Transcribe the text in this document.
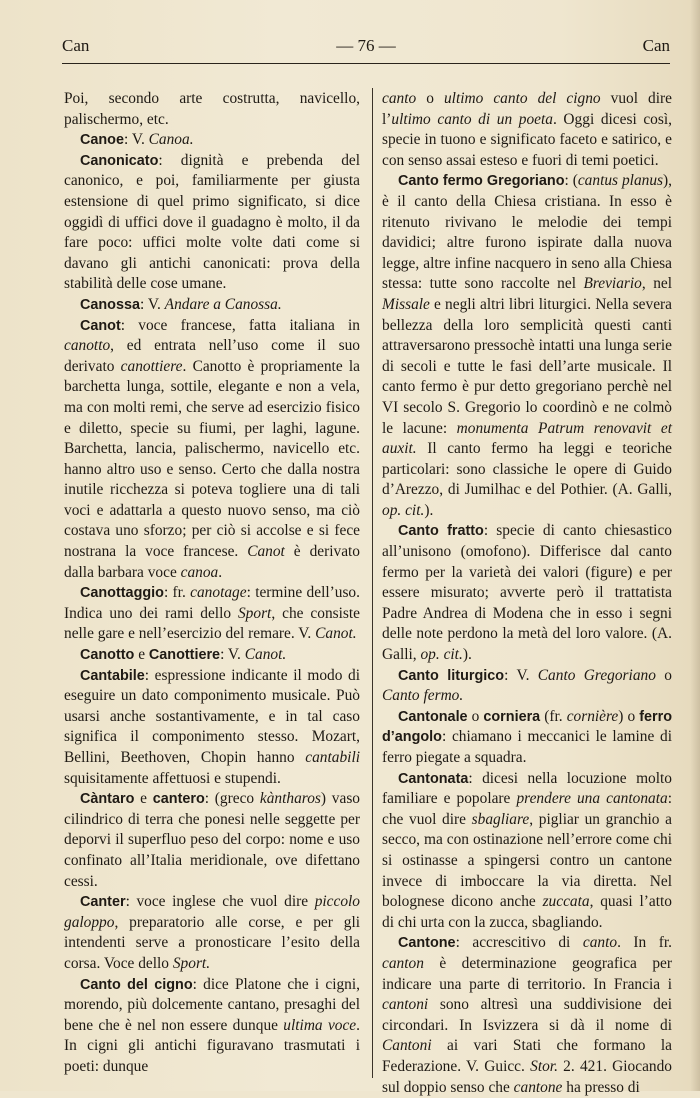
Can	— 76 —	Can

Poi, secondo arte costrutta, navicello, palischermo, etc.

Canoe: V. Canoa.

Canonicato: dignità e prebenda del canonico, e poi, familiarmente per giusta estensione di quel primo significato, si dice oggidì di uffici dove il guadagno è molto, il da fare poco: uffici molte volte dati come si davano gli antichi canonicati: prova della stabilità delle cose umane.

Canossa: V. Andare a Canossa.

Canot: voce francese, fatta italiana in canotto, ed entrata nell’uso come il suo derivato canottiere. Canotto è propriamente la barchetta lunga, sottile, elegante e non a vela, ma con molti remi, che serve ad esercizio fisico e diletto, specie su fiumi, per laghi, lagune. Barchetta, lancia, palischermo, navicello etc. hanno altro uso e senso. Certo che dalla nostra inutile ricchezza si poteva togliere una di tali voci e adattarla a questo nuovo senso, ma ciò costava uno sforzo; per ciò si accolse e si fece nostrana la voce francese. Canot è derivato dalla barbara voce canoa.

Canottaggio: fr. canotage: termine dell’uso. Indica uno dei rami dello Sport, che consiste nelle gare e nell’esercizio del remare. V. Canot.

Canotto e Canottiere: V. Canot.

Cantabile: espressione indicante il modo di eseguire un dato componimento musicale. Può usarsi anche sostantivamente, e in tal caso significa il componimento stesso. Mozart, Bellini, Beethoven, Chopin hanno cantabili squisitamente affettuosi e stupendi.

Càntaro e cantero: (greco kàntharos) vaso cilindrico di terra che ponesi nelle seggette per deporvi il superfluo peso del corpo: nome e uso confinato all’Italia meridionale, ove difettano cessi.

Canter: voce inglese che vuol dire piccolo galoppo, preparatorio alle corse, e per gli intendenti serve a pronosticare l’esito della corsa. Voce dello Sport.

Canto del cigno: dice Platone che i cigni, morendo, più dolcemente cantano, presaghi del bene che è nel non essere dunque ultima voce. In cigni gli antichi figuravano trasmutati i poeti: dunque

canto o ultimo canto del cigno vuol dire l’ultimo canto di un poeta. Oggi dicesi così, specie in tuono e significato faceto e satirico, e con senso assai esteso e fuori di temi poetici.

Canto fermo Gregoriano: (cantus planus), è il canto della Chiesa cristiana. In esso è ritenuto rivivano le melodie dei tempi davidici; altre furono ispirate dalla nuova legge, altre infine nacquero in seno alla Chiesa stessa: tutte sono raccolte nel Breviario, nel Missale e negli altri libri liturgici. Nella severa bellezza della loro semplicità questi canti attraversarono pressochè intatti una lunga serie di secoli e tutte le fasi dell’arte musicale. Il canto fermo è pur detto gregoriano perchè nel VI secolo S. Gregorio lo coordinò e ne colmò le lacune: monumenta Patrum renovavit et auxit. Il canto fermo ha leggi e teoriche particolari: sono classiche le opere di Guido d’Arezzo, di Jumilhac e del Pothier. (A. Galli, op. cit.).

Canto fratto: specie di canto chiesastico all’unisono (omofono). Differisce dal canto fermo per la varietà dei valori (figure) e per essere misurato; avverte però il trattatista Padre Andrea di Modena che in esso i segni delle note perdono la metà del loro valore. (A. Galli, op. cit.).

Canto liturgico: V. Canto Gregoriano o Canto fermo.

Cantonale o corniera (fr. cornière) o ferro d’angolo: chiamano i meccanici le lamine di ferro piegate a squadra.

Cantonata: dicesi nella locuzione molto familiare e popolare prendere una cantonata: che vuol dire sbagliare, pigliar un granchio a secco, ma con ostinazione nell’errore come chi si ostinasse a spingersi contro un cantone invece di imboccare la via diretta. Nel bolognese dicono anche zuccata, quasi l’atto di chi urta con la zucca, sbagliando.

Cantone: accrescitivo di canto. In fr. canton è determinazione geografica per indicare una parte di territorio. In Francia i cantoni sono altresì una suddivisione dei circondari. In Isvizzera si dà il nome di Cantoni ai vari Stati che formano la Federazione. V. Guicc. Stor. 2. 421. Giocando sul doppio senso che cantone ha presso di
